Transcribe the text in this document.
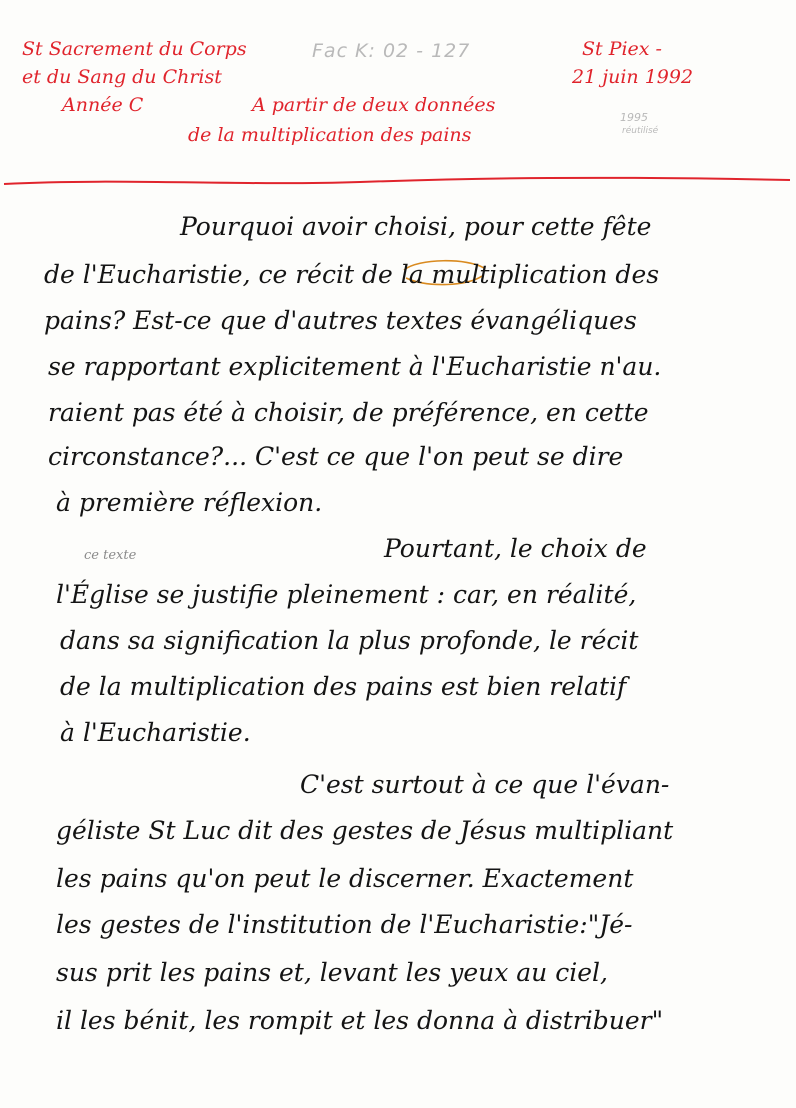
St Sacrement du Corps
et du Sang du Christ
Année C
Fac K: 02 - 127	St Piex -
21 juin 1992
A partir de deux données
de la multiplication des pains
1995
réutilisé
ce texte
Pourquoi avoir choisi, pour cette fête
de l'Eucharistie, ce récit de la multiplication des
pains? Est-ce que d'autres textes évangéliques
se rapportant explicitement à l'Eucharistie n'au.
raient pas été à choisir, de préférence, en cette
circonstance?... C'est ce que l'on peut se dire
à première réflexion.
Pourtant, le choix de
l'Église se justifie pleinement : car, en réalité,
dans sa signification la plus profonde, le récit
de la multiplication des pains est bien relatif
à l'Eucharistie.
C'est surtout à ce que l'évan-
géliste St Luc dit des gestes de Jésus multipliant
les pains qu'on peut le discerner. Exactement
les gestes de l'institution de l'Eucharistie:"Jé-
sus prit les pains et, levant les yeux au ciel,
il les bénit, les rompit et les donna à distribuer"
